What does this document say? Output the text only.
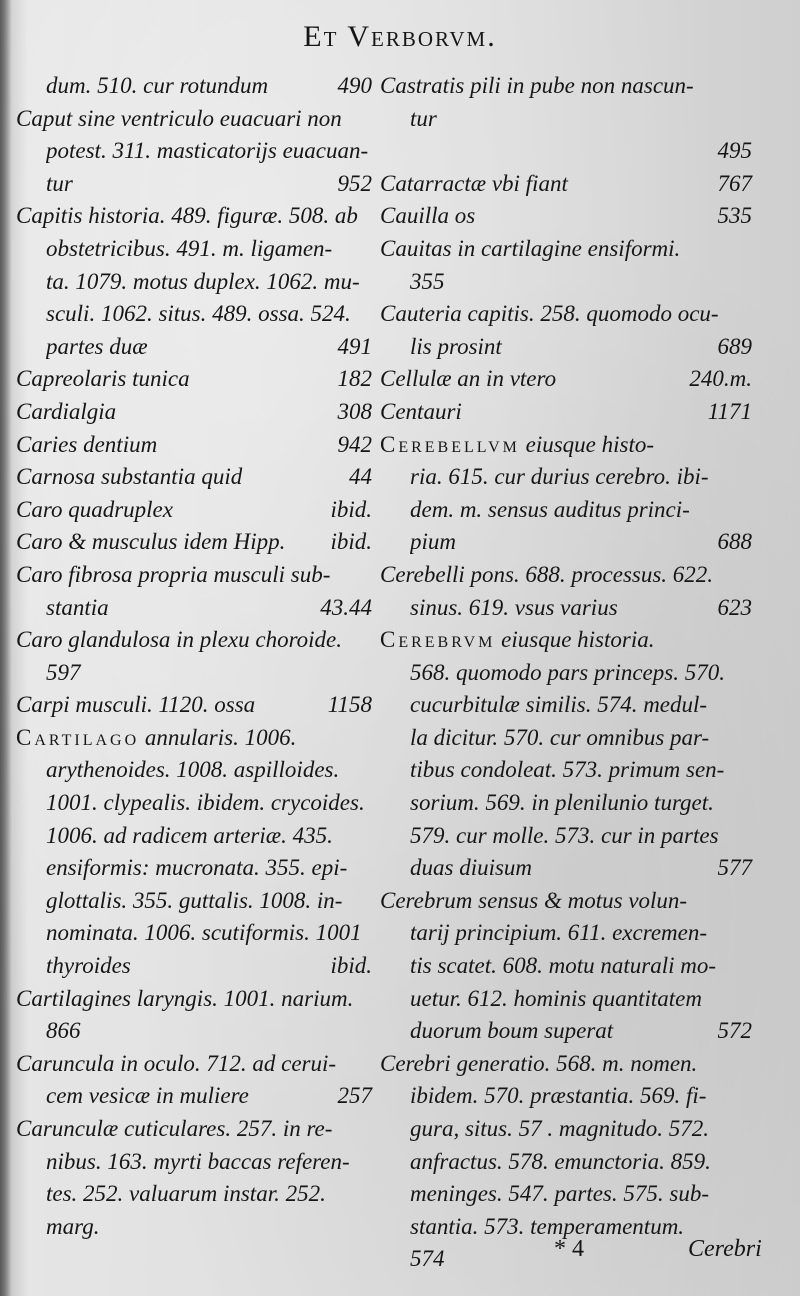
Et Verborvm.
dum. 510. cur rotundum	490
Caput sine ventriculo euacuari non
potest. 311. masticatorijs euacuan-
tur	952
Capitis historia. 489. figuræ. 508. ab
obstetricibus. 491. m. ligamen-
ta. 1079. motus duplex. 1062. mu-
sculi. 1062. situs. 489. ossa. 524.
partes duæ	491
Capreolaris tunica	182
Cardialgia	308
Caries dentium	942
Carnosa substantia quid	44
Caro quadruplex	ibid.
Caro & musculus idem Hipp.	ibid.
Caro fibrosa propria musculi sub-
stantia	43.44
Caro glandulosa in plexu choroide.
597
Carpi musculi. 1120. ossa	1158
Cartilago annularis. 1006.
arythenoides. 1008. aspilloides.
1001. clypealis. ibidem. crycoides.
1006. ad radicem arteriæ. 435.
ensiformis: mucronata. 355. epi-
glottalis. 355. guttalis. 1008. in-
nominata. 1006. scutiformis. 1001
thyroides	ibid.
Cartilagines laryngis. 1001. narium.
866
Caruncula in oculo. 712. ad cerui-
cem vesicæ in muliere	257
Carunculæ cuticulares. 257. in re-
nibus. 163. myrti baccas referen-
tes. 252. valuarum instar. 252.
marg.
Castratis pili in pube non nascun-
tur
495
Catarractæ vbi fiant	767
Cauilla os	535
Cauitas in cartilagine ensiformi.
355
Cauteria capitis. 258. quomodo ocu-
lis prosint	689
Cellulæ an in vtero	240.m.
Centauri	1171
Cerebellvm eiusque histo-
ria. 615. cur durius cerebro. ibi-
dem. m. sensus auditus princi-
pium	688
Cerebelli pons. 688. processus. 622.
sinus. 619. vsus varius	623
Cerebrvm eiusque historia.
568. quomodo pars princeps. 570.
cucurbitulæ similis. 574. medul-
la dicitur. 570. cur omnibus par-
tibus condoleat. 573. primum sen-
sorium. 569. in plenilunio turget.
579. cur molle. 573. cur in partes
duas diuisum	577
Cerebrum sensus & motus volun-
tarij principium. 611. excremen-
tis scatet. 608. motu naturali mo-
uetur. 612. hominis quantitatem
duorum boum superat	572
Cerebri generatio. 568. m. nomen.
ibidem. 570. præstantia. 569. fi-
gura, situs. 57 . magnitudo. 572.
anfractus. 578. emunctoria. 859.
meninges. 547. partes. 575. sub-
stantia. 573. temperamentum.
574	* 4	Cerebri
